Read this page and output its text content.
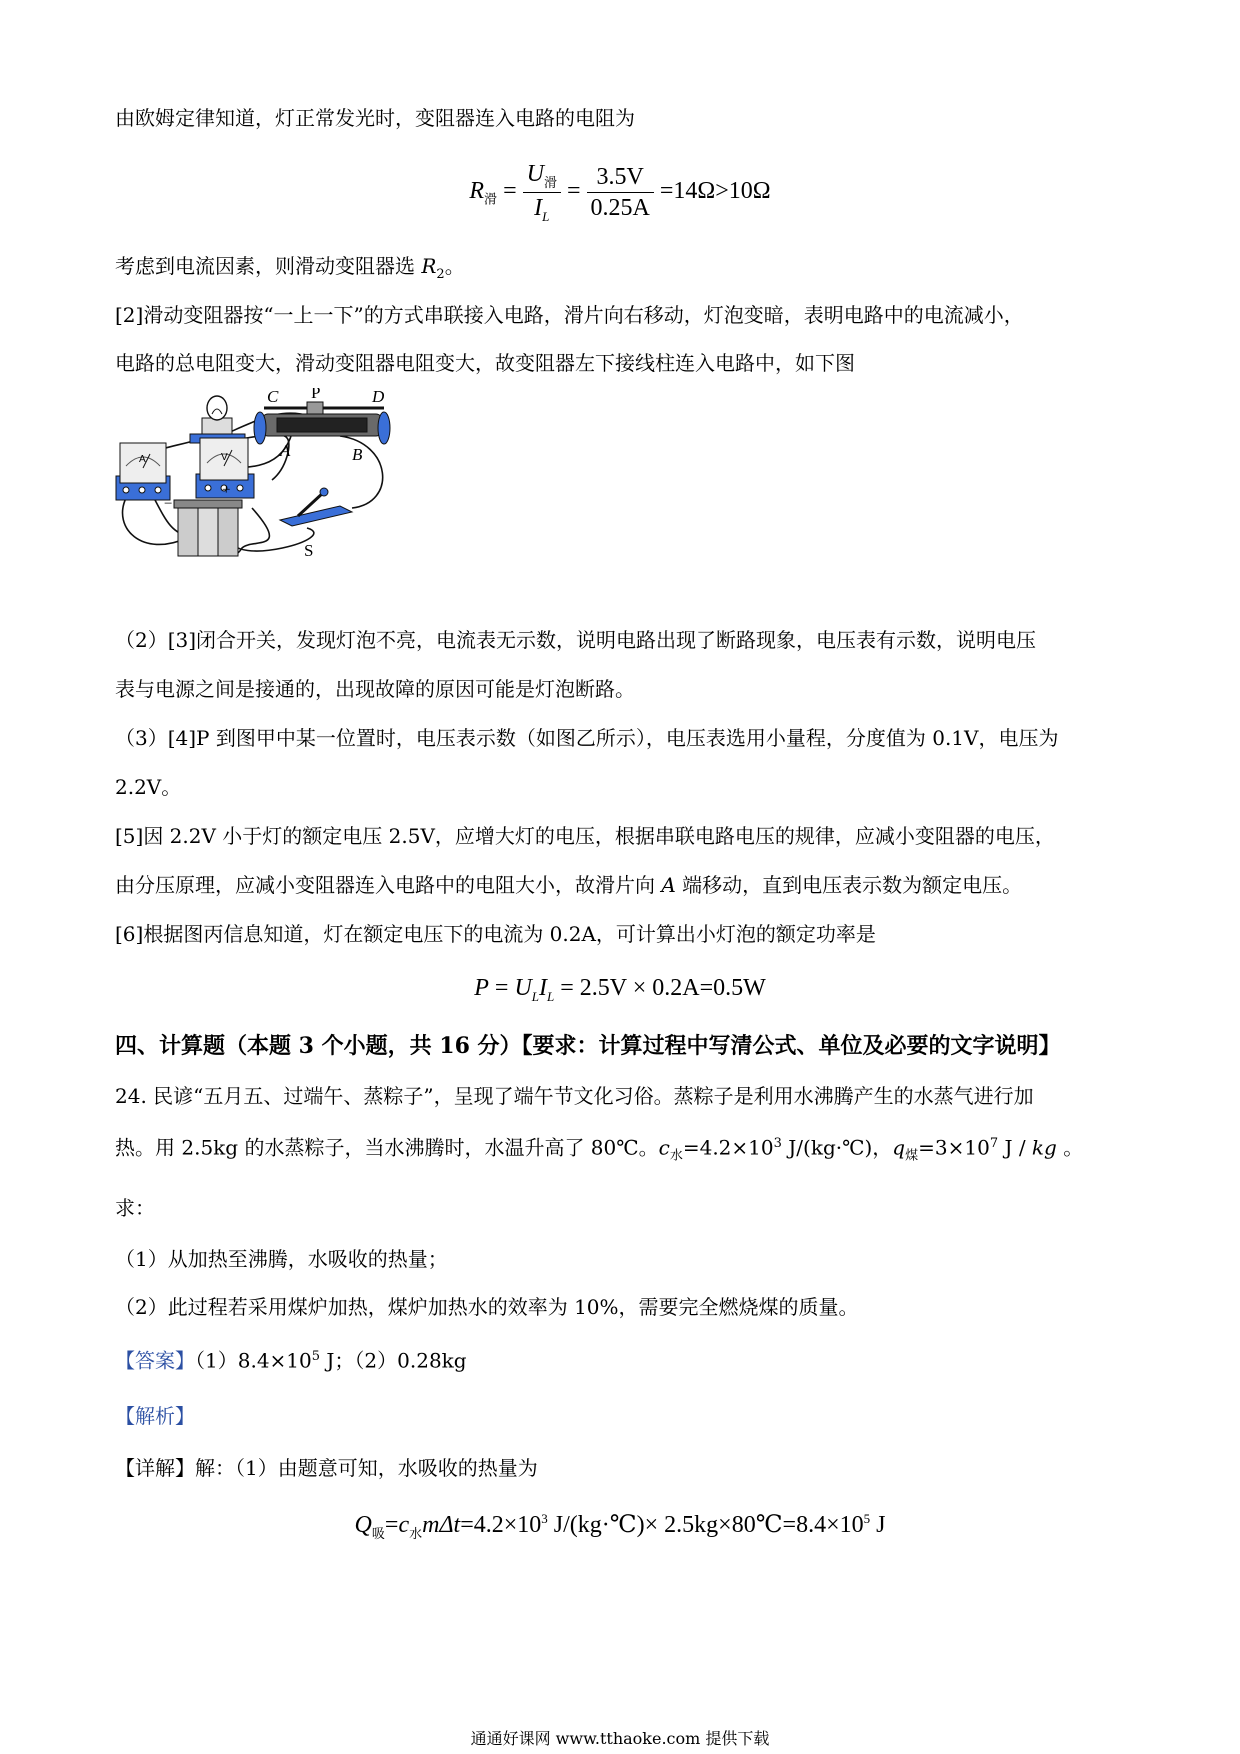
由欧姆定律知道，灯正常发光时，变阻器连入电路的电阻为
$R_滑 = \frac{U_滑}{I_L} = \frac{3.5V}{0.25A} =14\Omega>10\Omega$
考虑到电流因素，则滑动变阻器选 $R_2$。
[2]滑动变阻器按“一上一下”的方式串联接入电路，滑片向右移动，灯泡变暗，表明电路中的电流减小，
电路的总电阻变大，滑动变阻器电阻变大，故变阻器左下接线柱连入电路中，如下图
C P	D
A	B
A	V
S
−
+
（2）[3]闭合开关，发现灯泡不亮，电流表无示数，说明电路出现了断路现象，电压表有示数，说明电压
表与电源之间是接通的，出现故障的原因可能是灯泡断路。
（3）[4]P 到图甲中某一位置时，电压表示数（如图乙所示），电压表选用小量程，分度值为 0.1V，电压为
2.2V。
[5]因 2.2V 小于灯的额定电压 2.5V，应增大灯的电压，根据串联电路电压的规律，应减小变阻器的电压，
由分压原理，应减小变阻器连入电路中的电阻大小，故滑片向 A 端移动，直到电压表示数为额定电压。
[6]根据图丙信息知道，灯在额定电压下的电流为 0.2A，可计算出小灯泡的额定功率是
$P = U_LI_L = 2.5V \times 0.2A=0.5W$
四、计算题（本题 3 个小题，共 16 分）【要求：计算过程中写清公式、单位及必要的文字说明】
24. 民谚“五月五、过端午、蒸粽子”，呈现了端午节文化习俗。蒸粽子是利用水沸腾产生的水蒸气进行加
热。用 2.5kg 的水蒸粽子，当水沸腾时，水温升高了 80℃。$c_水=4.2\times 10^3$ J/(kg·℃)，$q_煤=3\times 10^7$ J / kg 。
求：
（1）从加热至沸腾，水吸收的热量；
（2）此过程若采用煤炉加热，煤炉加热水的效率为 10%，需要完全燃烧煤的质量。
【答案】$(1)8.4\times 10^5$ J；（2）0.28kg
【解析】
【详解】解：（1）由题意可知，水吸收的热量为
$Q_吸=c_水m\Delta t=4.2\times 10^3$ J/(kg·℃)× $2.5kg\times 80℃=8.4\times 10^5$ J
通通好课网 www.tthaoke.com 提供下载
